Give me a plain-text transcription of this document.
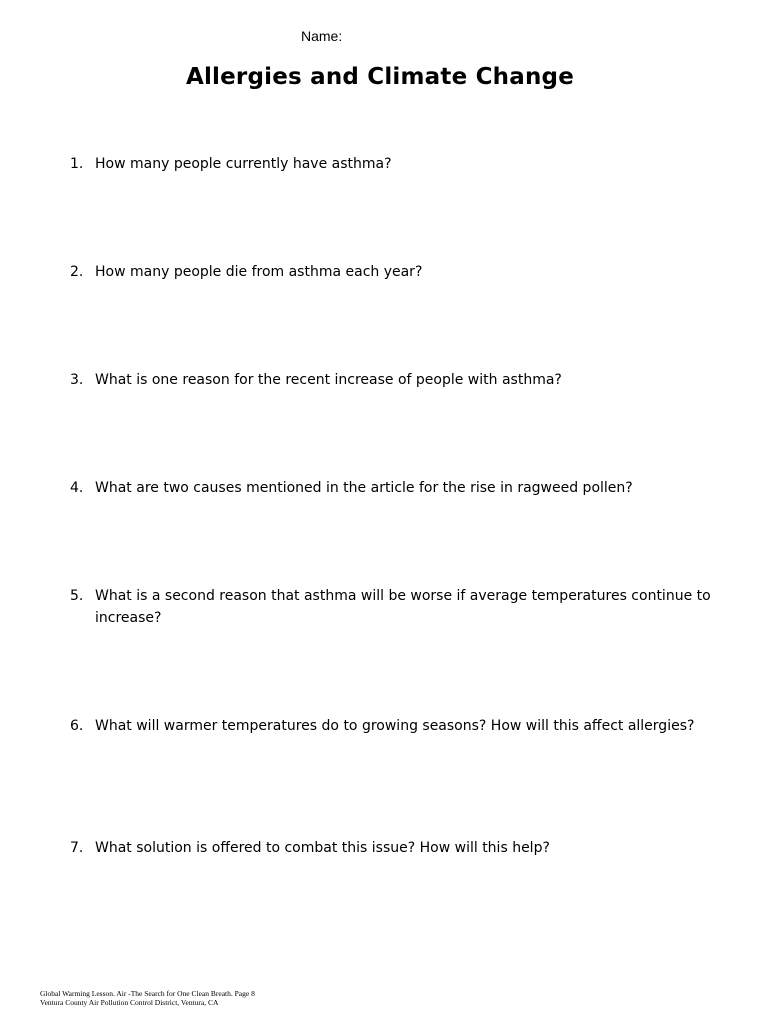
Name:
Allergies and Climate Change
1. How many people currently have asthma?
2. How many people die from asthma each year?
3. What is one reason for the recent increase of people with asthma?
4. What are two causes mentioned in the article for the rise in ragweed pollen?
5. What is a second reason that asthma will be worse if average temperatures continue to increase?
6. What will warmer temperatures do to growing seasons? How will this affect allergies?
7. What solution is offered to combat this issue? How will this help?
Global Warming Lesson. Air -The Search for One Clean Breath. Page 8
Ventura County Air Pollution Control District, Ventura, CA
